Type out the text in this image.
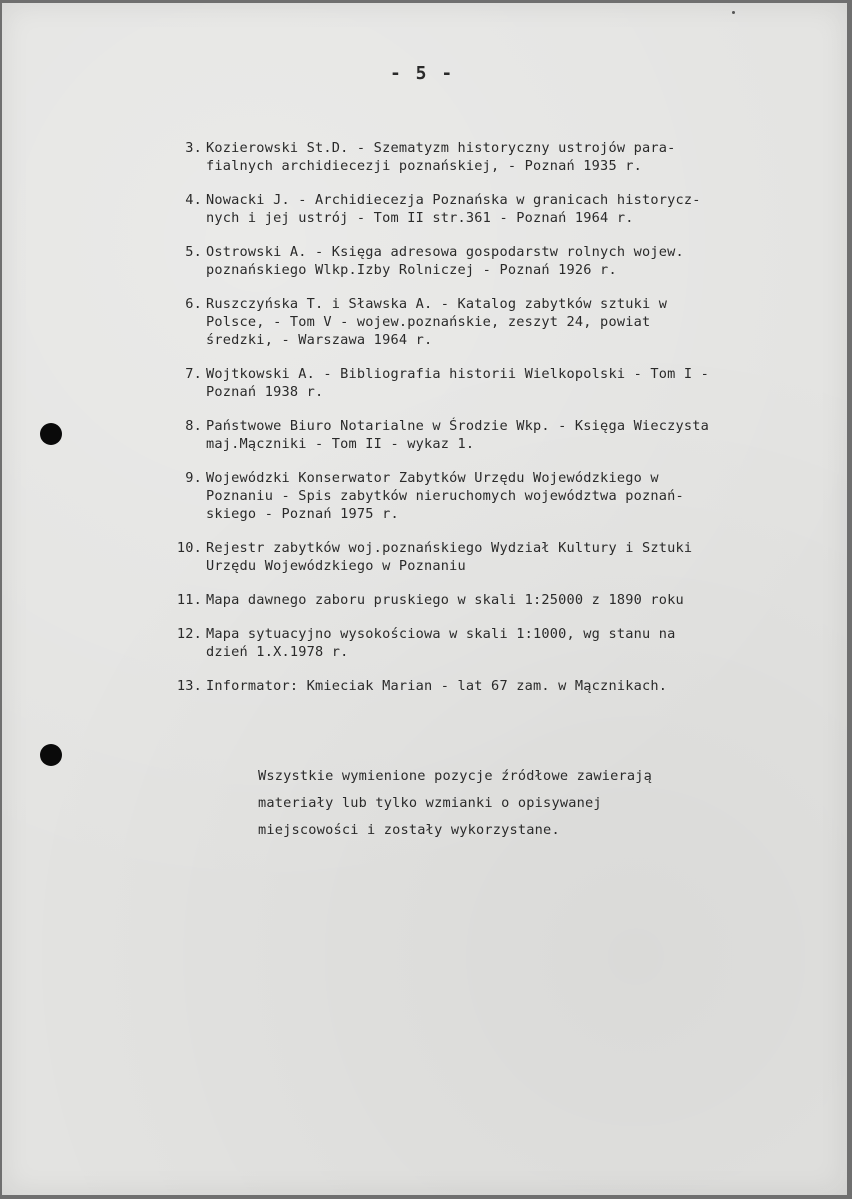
- 5 -
3. Kozierowski St.D. - Szematyzm historyczny ustrojów para-
fialnych archidiecezji poznańskiej, - Poznań 1935 r.
4. Nowacki J. - Archidiecezja Poznańska w granicach historycz-
nych i jej ustrój - Tom II str.361 - Poznań 1964 r.
5. Ostrowski A. - Księga adresowa gospodarstw rolnych wojew.
poznańskiego Wlkp.Izby Rolniczej - Poznań 1926 r.
6. Ruszczyńska T. i Sławska A. - Katalog zabytków sztuki w
Polsce, - Tom V - wojew.poznańskie, zeszyt 24, powiat
średzki, - Warszawa 1964 r.
7. Wojtkowski A. - Bibliografia historii Wielkopolski - Tom I -
Poznań 1938 r.
8. Państwowe Biuro Notarialne w Środzie Wkp. - Księga Wieczysta
maj.Mączniki - Tom II - wykaz 1.
9. Wojewódzki Konserwator Zabytków Urzędu Wojewódzkiego w
Poznaniu - Spis zabytków nieruchomych województwa poznań-
skiego - Poznań 1975 r.
10. Rejestr zabytków woj.poznańskiego Wydział Kultury i Sztuki
Urzędu Wojewódzkiego w Poznaniu
11. Mapa dawnego zaboru pruskiego w skali 1:25000 z 1890 roku
12. Mapa sytuacyjno wysokościowa w skali 1:1000, wg stanu na
dzień 1.X.1978 r.
13. Informator: Kmieciak Marian - lat 67 zam. w Mącznikach.
Wszystkie wymienione pozycje źródłowe zawierają
materiały lub tylko wzmianki o opisywanej
miejscowości i zostały wykorzystane.
